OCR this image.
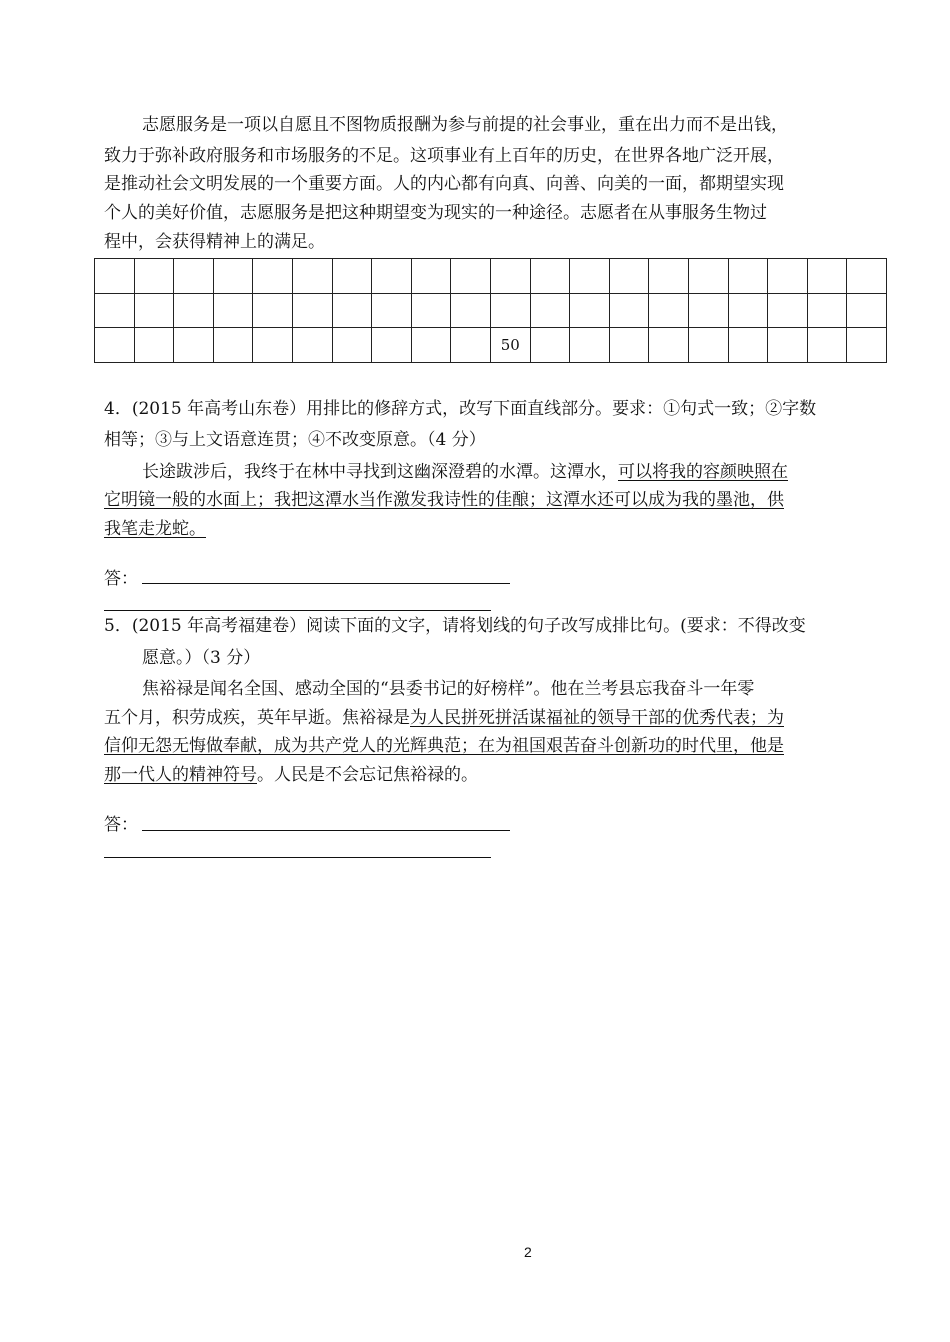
志愿服务是一项以自愿且不图物质报酬为参与前提的社会事业，重在出力而不是出钱，
致力于弥补政府服务和市场服务的不足。这项事业有上百年的历史，在世界各地广泛开展，
是推动社会文明发展的一个重要方面。人的内心都有向真、向善、向美的一面，都期望实现
个人的美好价值，志愿服务是把这种期望变为现实的一种途径。志愿者在从事服务生物过
程中，会获得精神上的满足。

										50									
4．(2015 年高考山东卷）用排比的修辞方式，改写下面直线部分。要求：①句式一致；②字数
相等；③与上文语意连贯；④不改变原意。（4 分）
长途跋涉后，我终于在林中寻找到这幽深澄碧的水潭。这潭水，可以将我的容颜映照在
它明镜一般的水面上；我把这潭水当作激发我诗性的佳酿；这潭水还可以成为我的墨池，供
我笔走龙蛇。
答：
5．(2015 年高考福建卷）阅读下面的文字，请将划线的句子改写成排比句。(要求：不得改变
愿意。）（3 分）
焦裕禄是闻名全国、感动全国的“县委书记的好榜样”。他在兰考县忘我奋斗一年零
五个月，积劳成疾，英年早逝。焦裕禄是为人民拼死拼活谋福祉的领导干部的优秀代表；为
信仰无怨无悔做奉献，成为共产党人的光辉典范；在为祖国艰苦奋斗创新功的时代里，他是
那一代人的精神符号。人民是不会忘记焦裕禄的。
答：
2
